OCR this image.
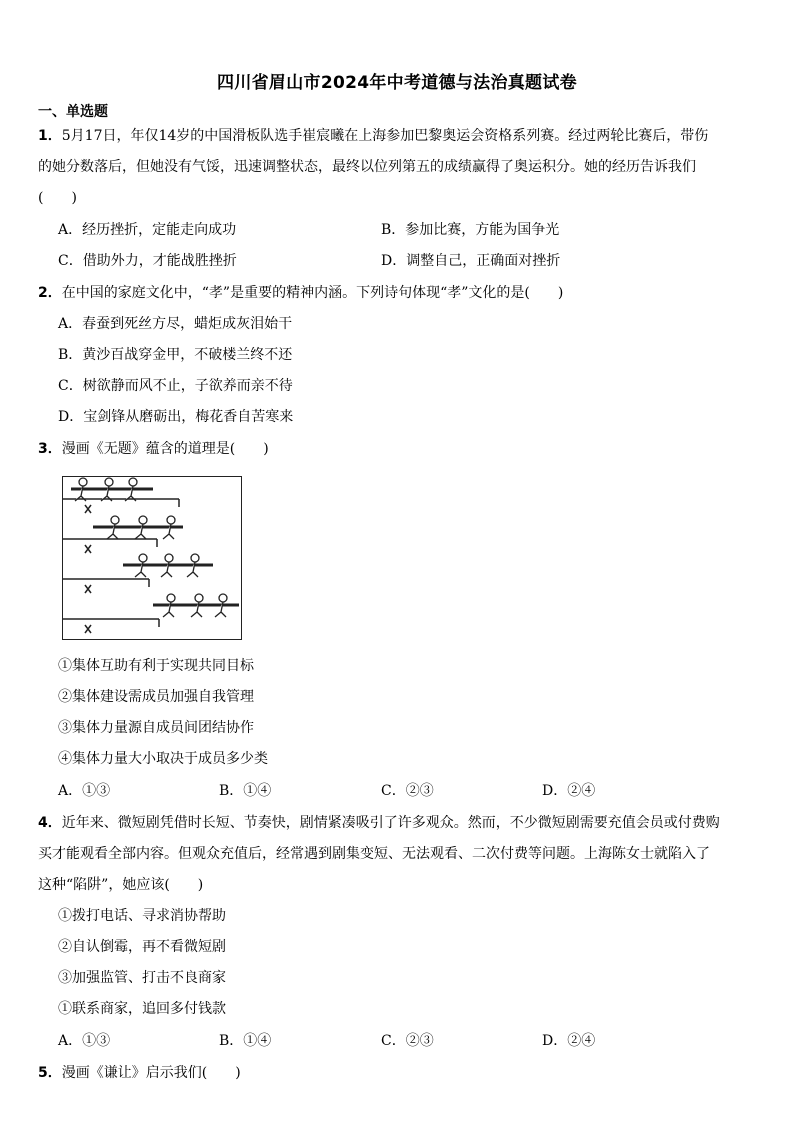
四川省眉山市2024年中考道德与法治真题试卷
一、单选题
1．5月17日，年仅14岁的中国滑板队选手崔宸曦在上海参加巴黎奥运会资格系列赛。经过两轮比赛后，带伤
的她分数落后，但她没有气馁，迅速调整状态，最终以位列第五的成绩赢得了奥运积分。她的经历告诉我们
(　　)
A．经历挫折，定能走向成功	B．参加比赛，方能为国争光
C．借助外力，才能战胜挫折	D．调整自己，正确面对挫折
2．在中国的家庭文化中，“孝”是重要的精神内涵。下列诗句体现“孝”文化的是(　　)
A．春蚕到死丝方尽，蜡炬成灰泪始干
B．黄沙百战穿金甲，不破楼兰终不还
C．树欲静而风不止，子欲养而亲不待
D．宝剑锋从磨砺出，梅花香自苦寒来
3．漫画《无题》蕴含的道理是(　　)
①集体互助有利于实现共同目标
②集体建设需成员加强自我管理
③集体力量源自成员间团结协作
④集体力量大小取决于成员多少类
A．①③	B．①④	C．②③	D．②④
4．近年来、微短剧凭借时长短、节奏快，剧情紧凑吸引了许多观众。然而，不少微短剧需要充值会员或付费购
买才能观看全部内容。但观众充值后，经常遇到剧集变短、无法观看、二次付费等问题。上海陈女士就陷入了
这种“陷阱”，她应该(　　)
①拨打电话、寻求消协帮助
②自认倒霉，再不看微短剧
③加强监管、打击不良商家
①联系商家，追回多付钱款
A．①③	B．①④	C．②③	D．②④
5．漫画《谦让》启示我们(　　)
